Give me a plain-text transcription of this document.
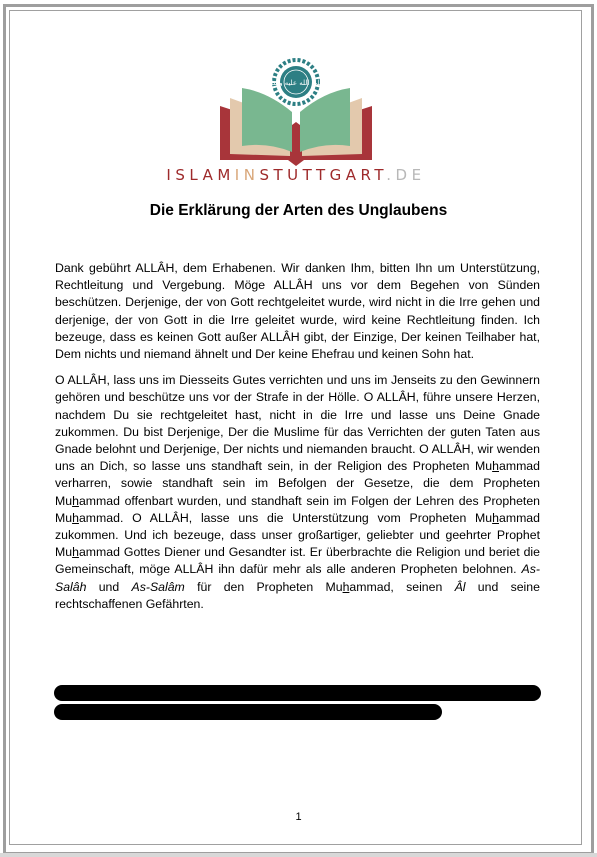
صلى الله عليه وسلم
ISLAMINSTUTTGART.DE
Die Erklärung der Arten des Unglaubens

Dank gebührt ALLÂH, dem Erhabenen. Wir danken Ihm, bitten Ihn um Unterstützung, Rechtleitung und Vergebung. Möge ALLÂH uns vor dem Begehen von Sünden beschützen. Derjenige, der von Gott rechtgeleitet wurde, wird nicht in die Irre gehen und derjenige, der von Gott in die Irre geleitet wurde, wird keine Rechtleitung finden. Ich bezeuge, dass es keinen Gott außer ALLÂH gibt, der Einzige, Der keinen Teilhaber hat, Dem nichts und niemand ähnelt und Der keine Ehefrau und keinen Sohn hat.

O ALLÂH, lass uns im Diesseits Gutes verrichten und uns im Jenseits zu den Gewinnern gehören und beschütze uns vor der Strafe in der Hölle. O ALLÂH, führe unsere Herzen, nachdem Du sie rechtgeleitet hast, nicht in die Irre und lasse uns Deine Gnade zukommen. Du bist Derjenige, Der die Muslime für das Verrichten der guten Taten aus Gnade belohnt und Derjenige, Der nichts und niemanden braucht. O ALLÂH, wir wenden uns an Dich, so lasse uns standhaft sein, in der Religion des Propheten Muhammad verharren, sowie standhaft sein im Befolgen der Gesetze, die dem Propheten Muhammad offenbart wurden, und standhaft sein im Folgen der Lehren des Propheten Muhammad. O ALLÂH, lasse uns die Unterstützung vom Propheten Muhammad zukommen. Und ich bezeuge, dass unser großartiger, geliebter und geehrter Prophet Muhammad Gottes Diener und Gesandter ist. Er überbrachte die Religion und beriet die Gemeinschaft, möge ALLÂH ihn dafür mehr als alle anderen Propheten belohnen. As-Salâh und As-Salâm für den Propheten Muhammad, seinen Âl und seine rechtschaffenen Gefährten.

1
